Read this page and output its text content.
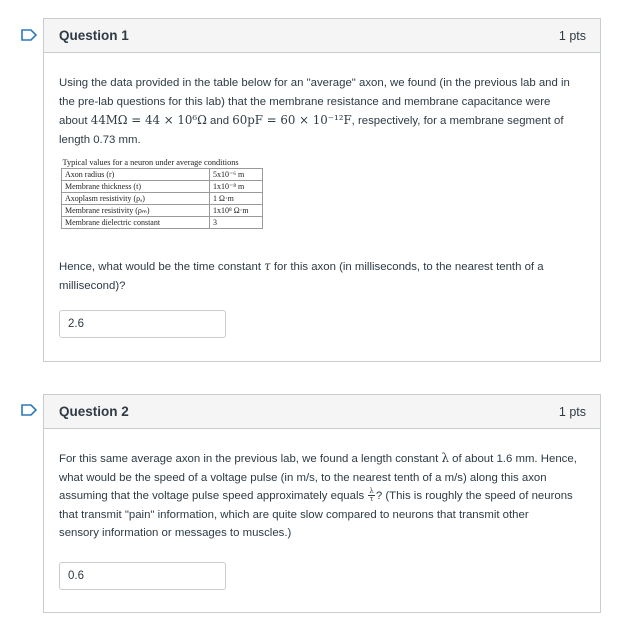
Question 1	1 pts
Using the data provided in the table below for an "average" axon, we found (in the previous lab and in
the pre-lab questions for this lab) that the membrane resistance and membrane capacitance were
about 44MΩ = 44 × 10⁶Ω and 60pF = 60 × 10⁻¹²F, respectively, for a membrane segment of
length 0.73 mm.
Typical values for a neuron under average conditions	
Axon radius (r)	5x10⁻⁶ m
Membrane thickness (t)	1x10⁻⁸ m
Axoplasm resistivity (ρₐ)	1 Ω·m
Membrane resistivity (ρₘ)	1x10⁸ Ω·m
Membrane dielectric constant	3
Hence, what would be the time constant τ for this axon (in milliseconds, to the nearest tenth of a
millisecond)?
2.6
Question 2	1 pts
For this same average axon in the previous lab, we found a length constant λ of about 1.6 mm. Hence,
what would be the speed of a voltage pulse (in m/s, to the nearest tenth of a m/s) along this axon
assuming that the voltage pulse speed approximately equals $\frac{\lambda}{\tau}$ ? (This is roughly the speed of neurons
that transmit "pain" information, which are quite slow compared to neurons that transmit other
sensory information or messages to muscles.)
0.6
